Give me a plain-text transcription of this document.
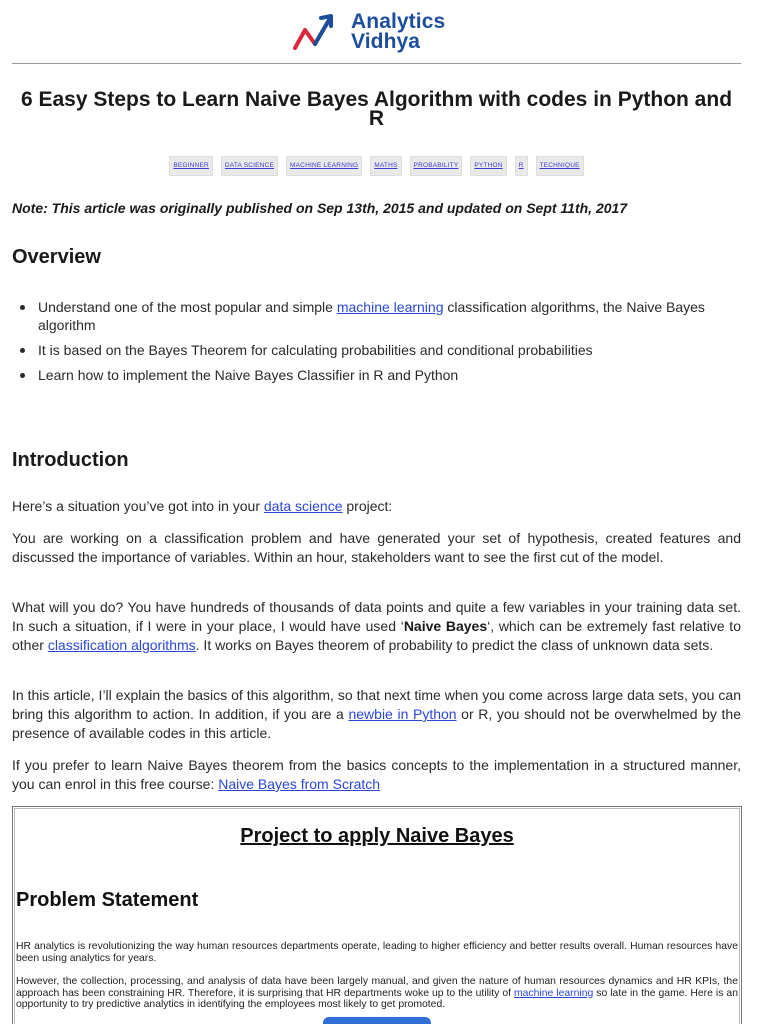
Analytics
Vidhya
6 Easy Steps to Learn Naive Bayes Algorithm with codes in Python and R
BEGINNER	DATA SCIENCE	MACHINE LEARNING	MATHS	PROBABILITY	PYTHON	R	TECHNIQUE

Note: This article was originally published on Sep 13th, 2015 and updated on Sept 11th, 2017

Overview
Understand one of the most popular and simple machine learning classification algorithms, the Naive Bayes algorithm
It is based on the Bayes Theorem for calculating probabilities and conditional probabilities
Learn how to implement the Naive Bayes Classifier in R and Python
Introduction

Here’s a situation you’ve got into in your data science project:

You are working on a classification problem and have generated your set of hypothesis, created features and discussed the importance of variables. Within an hour, stakeholders want to see the first cut of the model.

What will you do? You have hundreds of thousands of data points and quite a few variables in your training data set. In such a situation, if I were in your place, I would have used ‘Naive Bayes‘, which can be extremely fast relative to other classification algorithms. It works on Bayes theorem of probability to predict the class of unknown data sets.

In this article, I’ll explain the basics of this algorithm, so that next time when you come across large data sets, you can bring this algorithm to action. In addition, if you are a newbie in Python or R, you should not be overwhelmed by the presence of available codes in this article.

If you prefer to learn Naive Bayes theorem from the basics concepts to the implementation in a structured manner, you can enrol in this free course: Naive Bayes from Scratch

Project to apply Naive Bayes
Problem Statement

HR analytics is revolutionizing the way human resources departments operate, leading to higher efficiency and better results overall. Human resources have been using analytics for years.

However, the collection, processing, and analysis of data have been largely manual, and given the nature of human resources dynamics and HR KPIs, the approach has been constraining HR. Therefore, it is surprising that HR departments woke up to the utility of machine learning so late in the game. Here is an opportunity to try predictive analytics in identifying the employees most likely to get promoted.
